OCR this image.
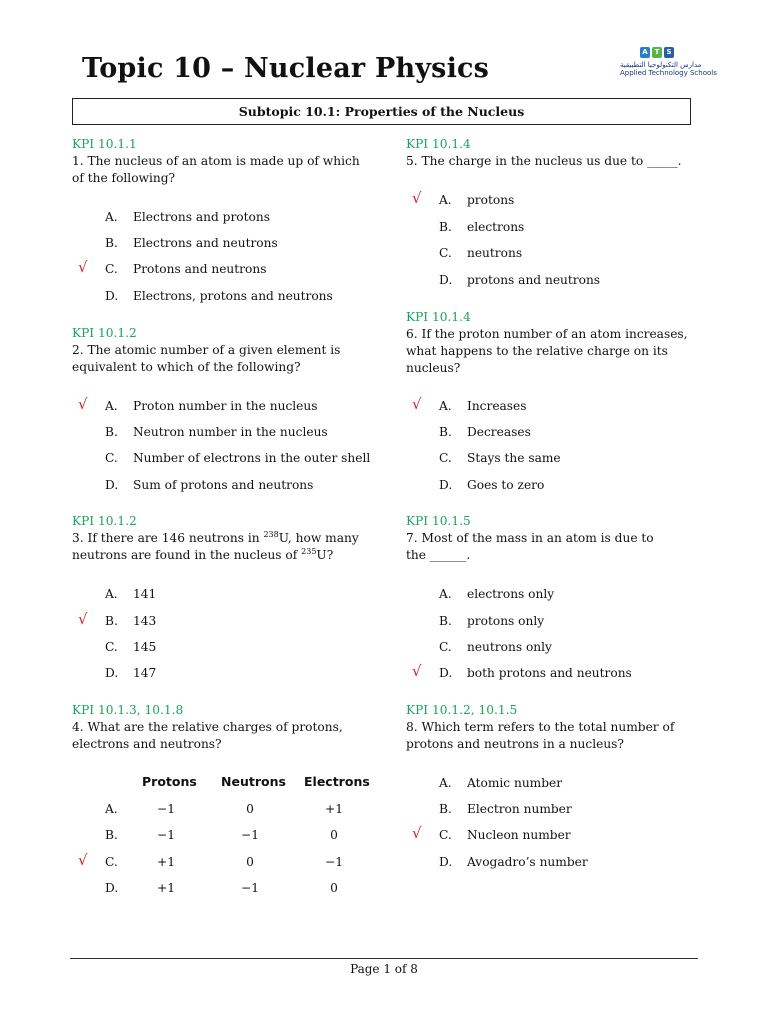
Topic 10 – Nuclear Physics
A T	S
مدارس التكنولوجيا التطبيقية
Applied Technology Schools
Subtopic 10.1: Properties of the Nucleus
KPI 10.1.1
1. The nucleus of an atom is made up of which of the following?
A. Electrons and protons
B. Electrons and neutrons
√ C. Protons and neutrons
D. Electrons, protons and neutrons
KPI 10.1.2
2. The atomic number of a given element is equivalent to which of the following?
√ A. Proton number in the nucleus
B. Neutron number in the nucleus
C. Number of electrons in the outer shell
D. Sum of protons and neutrons
KPI 10.1.2
3. If there are 146 neutrons in $^{238}$U, how many neutrons are found in the nucleus of $^{235}$U?
A. 141
√ B. 143
C. 145
D. 147
KPI 10.1.3, 10.1.8
4. What are the relative charges of protons, electrons and neutrons?
Protons Neutrons Electrons
A.	−1	0	+1
B.	−1	−1	0
√ C.	+1	0	−1
D.	+1	−1	0
KPI 10.1.4
5. The charge in the nucleus us due to _____.
√ A. protons
B. electrons
C. neutrons
D. protons and neutrons
KPI 10.1.4
6. If the proton number of an atom increases, what happens to the relative charge on its nucleus?
√ A. Increases
B. Decreases
C. Stays the same
D. Goes to zero
KPI 10.1.5
7. Most of the mass in an atom is due to the ______.
A. electrons only
B. protons only
C. neutrons only
√ D. both protons and neutrons
KPI 10.1.2, 10.1.5
8. Which term refers to the total number of protons and neutrons in a nucleus?
A. Atomic number
B. Electron number
√ C. Nucleon number
D. Avogadro’s number
Page 1 of 8
